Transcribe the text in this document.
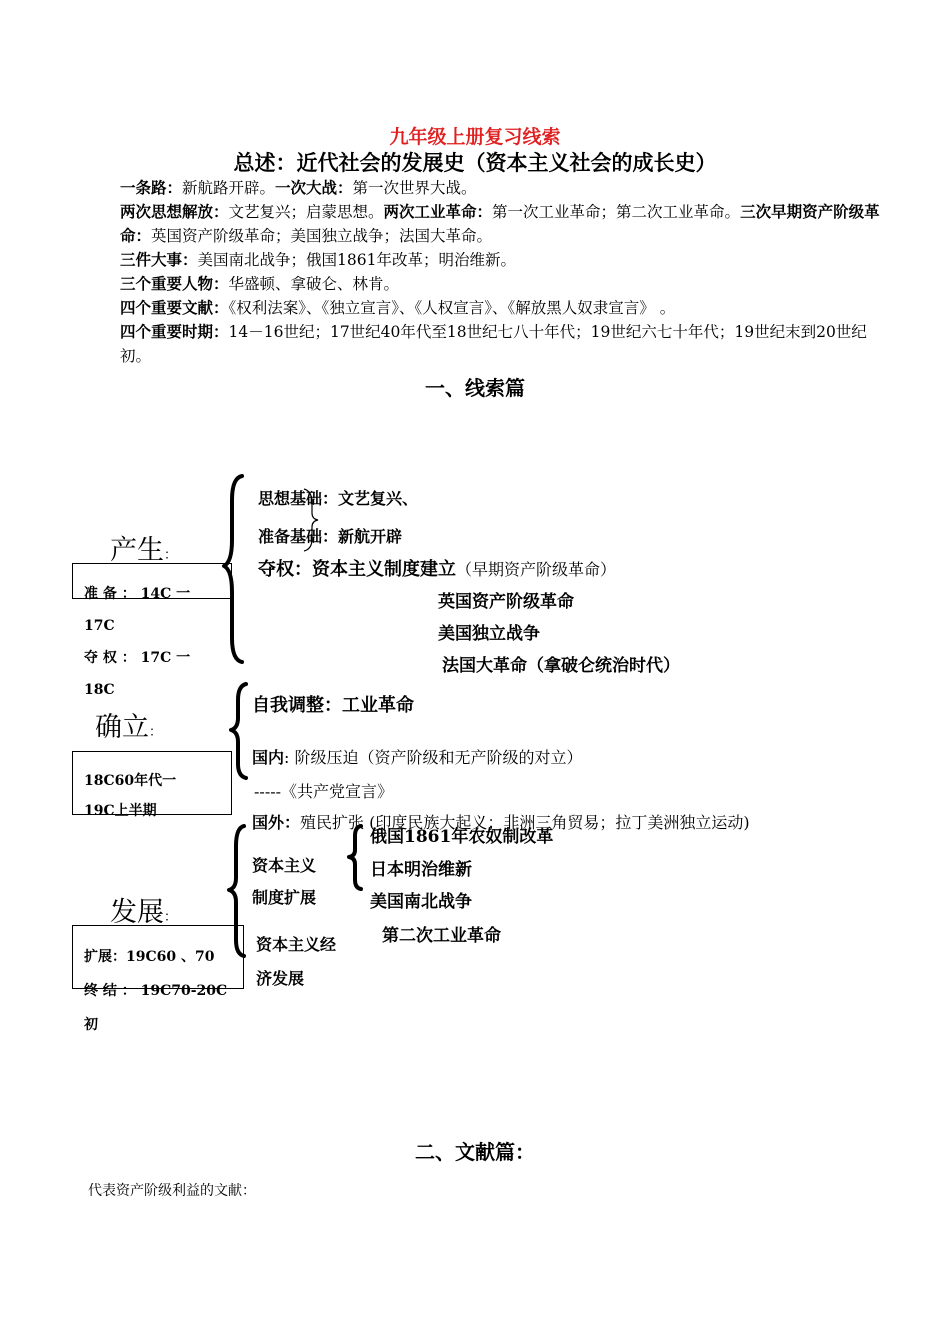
九年级上册复习线索
总述：近代社会的发展史（资本主义社会的成长史）

一条路：新航路开辟。一次大战：第一次世界大战。

两次思想解放：文艺复兴；启蒙思想。两次工业革命：第一次工业革命；第二次工业革命。三次早期资产阶级革命：英国资产阶级革命；美国独立战争；法国大革命。

三件大事：美国南北战争；俄国1861年改革；明治维新。

三个重要人物：华盛顿、拿破仑、林肯。

四个重要文献：《权利法案》、《独立宣言》、《人权宣言》、《解放黑人奴隶宣言》 。

四个重要时期：14－16世纪；17世纪40年代至18世纪七八十年代；19世纪六七十年代；19世纪末到20世纪初。

一、线索篇
产生：
准 备 ： 14C 一 17C
夺 权 ： 17C 一 18C
思想基础：文艺复兴、
准备基础：新航开辟
夺权：资本主义制度建立（早期资产阶级革命）
英国资产阶级革命
美国独立战争
法国大革命（拿破仑统治时代）
确立：
18C60年代一19C上半期
自我调整：工业革命
国内: 阶级压迫（资产阶级和无产阶级的对立）
-----《共产党宣言》
国外：殖民扩张 (印度民族大起义；非洲三角贸易；拉丁美洲独立运动)
发展：
扩展：19C60 、70
终 结 ： 19C70-20C 初
资本主义
制度扩展
俄国1861年农奴制改革
日本明治维新
美国南北战争
资本主义经
济发展
第二次工业革命
二、文献篇：
代表资产阶级利益的文献：
